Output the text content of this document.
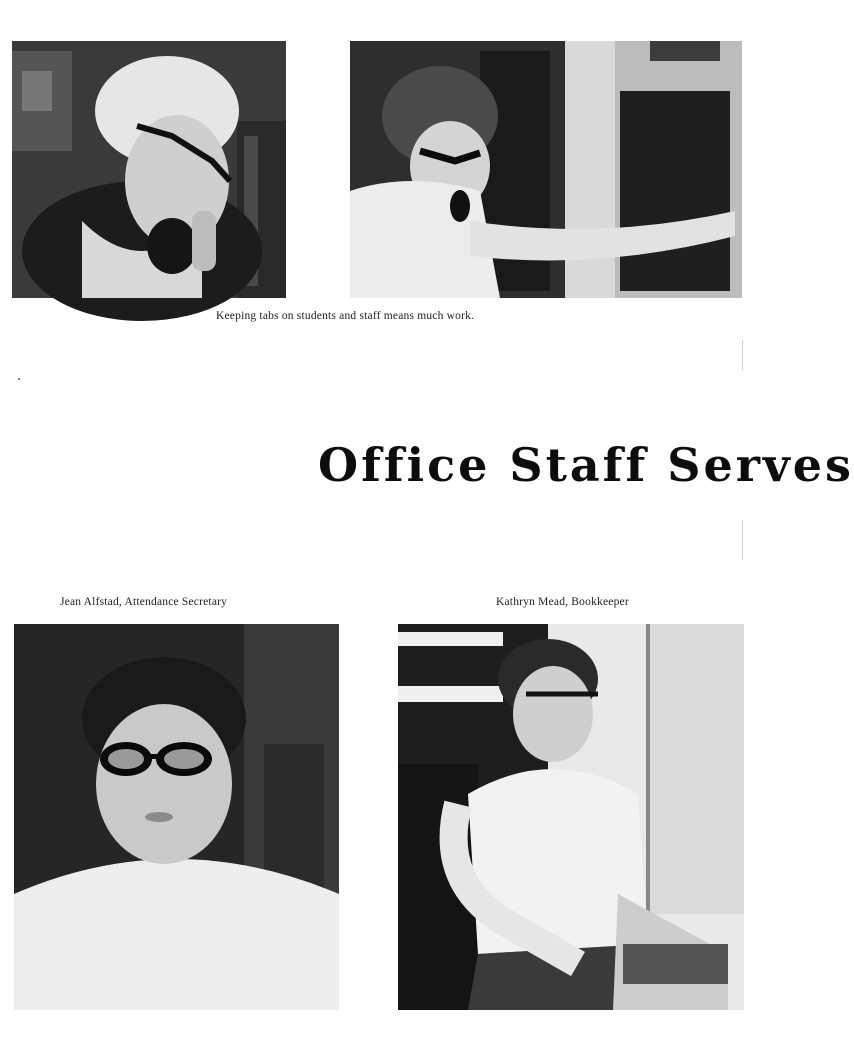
Keeping tabs on students and staff means much work.
Office Staff Serves
Jean Alfstad, Attendance Secretary	Kathryn Mead, Bookkeeper
